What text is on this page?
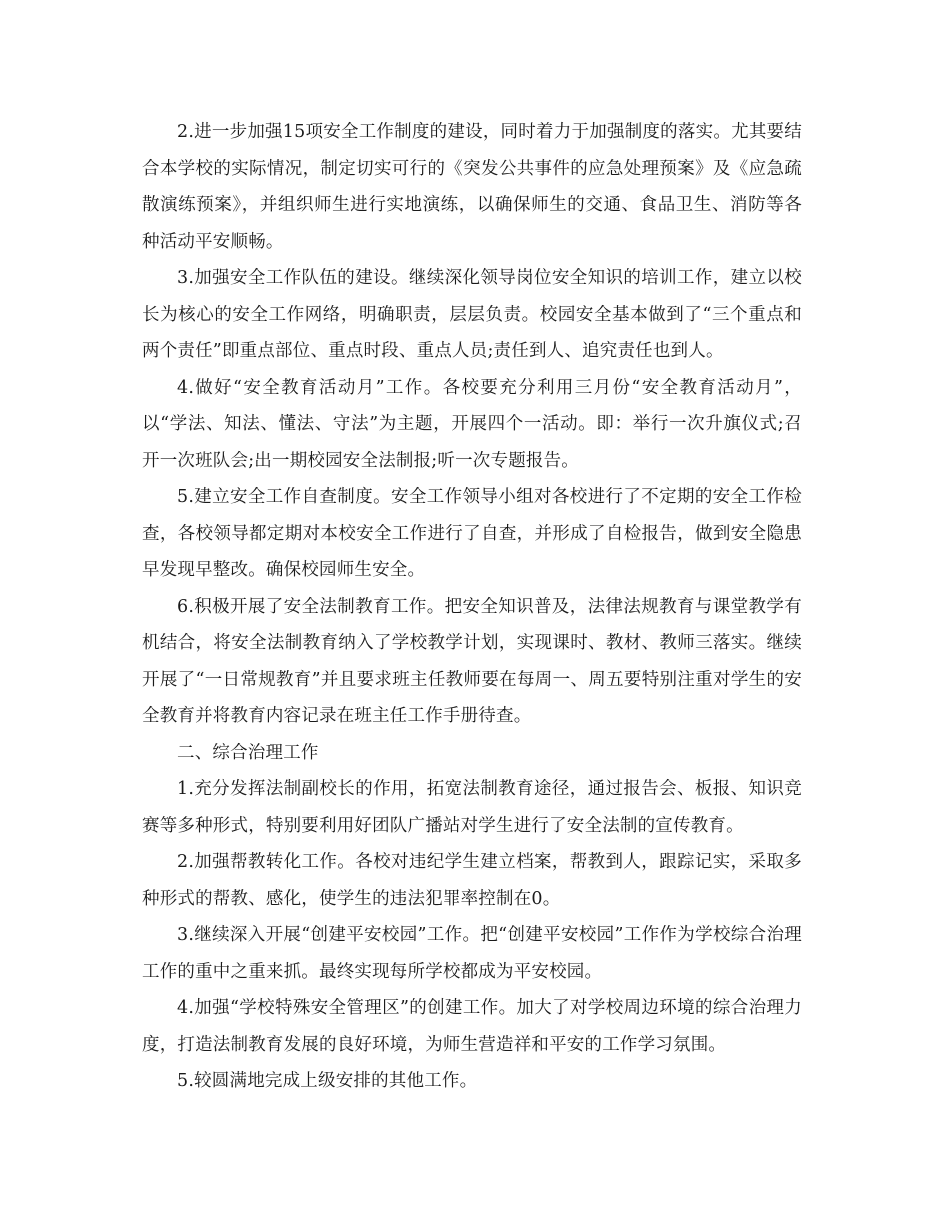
2.进一步加强15项安全工作制度的建设，同时着力于加强制度的落实。尤其要结合本学校的实际情况，制定切实可行的《突发公共事件的应急处理预案》及《应急疏散演练预案》，并组织师生进行实地演练，以确保师生的交通、食品卫生、消防等各种活动平安顺畅。

3.加强安全工作队伍的建设。继续深化领导岗位安全知识的培训工作，建立以校长为核心的安全工作网络，明确职责，层层负责。校园安全基本做到了“三个重点和两个责任”即重点部位、重点时段、重点人员;责任到人、追究责任也到人。

4.做好“安全教育活动月”工作。各校要充分利用三月份“安全教育活动月”，以“学法、知法、懂法、守法”为主题，开展四个一活动。即：举行一次升旗仪式;召开一次班队会;出一期校园安全法制报;听一次专题报告。

5.建立安全工作自查制度。安全工作领导小组对各校进行了不定期的安全工作检查，各校领导都定期对本校安全工作进行了自查，并形成了自检报告，做到安全隐患早发现早整改。确保校园师生安全。

6.积极开展了安全法制教育工作。把安全知识普及，法律法规教育与课堂教学有机结合，将安全法制教育纳入了学校教学计划，实现课时、教材、教师三落实。继续开展了“一日常规教育”并且要求班主任教师要在每周一、周五要特别注重对学生的安全教育并将教育内容记录在班主任工作手册待查。

二、综合治理工作

1.充分发挥法制副校长的作用，拓宽法制教育途径，通过报告会、板报、知识竞赛等多种形式，特别要利用好团队广播站对学生进行了安全法制的宣传教育。

2.加强帮教转化工作。各校对违纪学生建立档案，帮教到人，跟踪记实，采取多种形式的帮教、感化，使学生的违法犯罪率控制在0。

3.继续深入开展“创建平安校园”工作。把“创建平安校园”工作作为学校综合治理工作的重中之重来抓。最终实现每所学校都成为平安校园。

4.加强“学校特殊安全管理区”的创建工作。加大了对学校周边环境的综合治理力度，打造法制教育发展的良好环境，为师生营造祥和平安的工作学习氛围。

5.较圆满地完成上级安排的其他工作。
